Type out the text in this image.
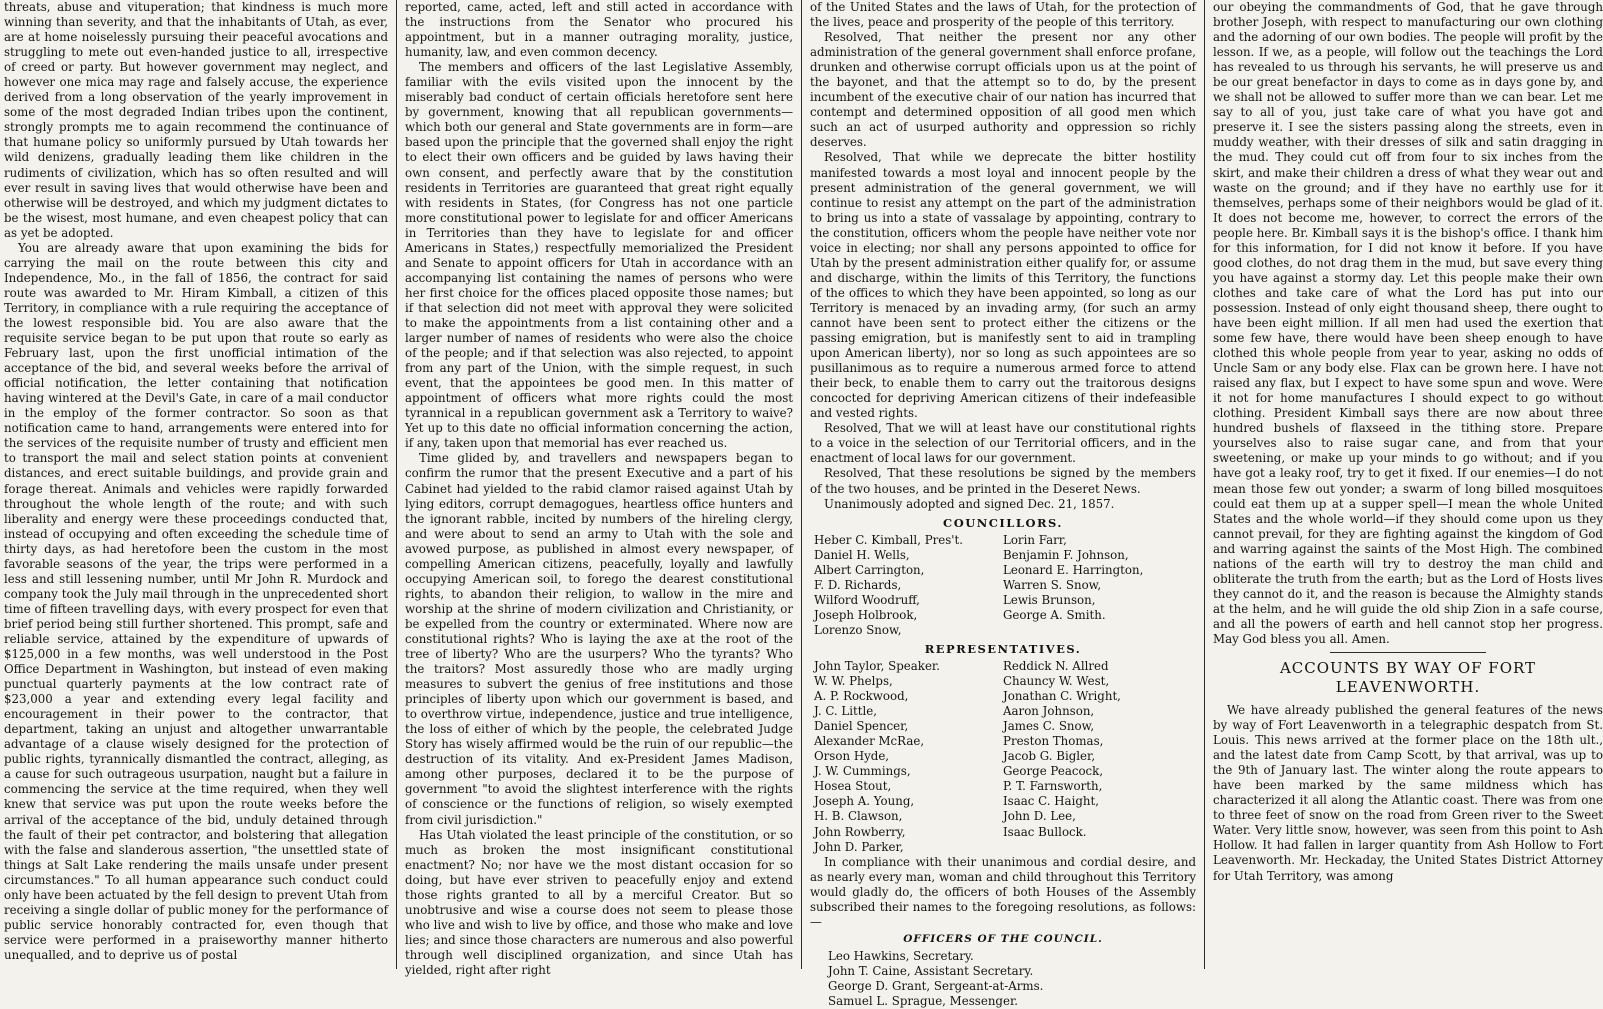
threats, abuse and vituperation; that kindness is much more winning than severity, and that the inhabitants of Utah, as ever, are at home noiselessly pursuing their peaceful avocations and struggling to mete out even-handed justice to all, irrespective of creed or party. But however government may neglect, and however one mica may rage and falsely accuse, the experience derived from a long observation of the yearly improvement in some of the most degraded Indian tribes upon the continent, strongly prompts me to again recommend the continuance of that humane policy so uniformly pursued by Utah towards her wild denizens, gradually leading them like children in the rudiments of civilization, which has so often resulted and will ever result in saving lives that would otherwise have been and otherwise will be destroyed, and which my judgment dictates to be the wisest, most humane, and even cheapest policy that can as yet be adopted.

You are already aware that upon examining the bids for carrying the mail on the route between this city and Independence, Mo., in the fall of 1856, the contract for said route was awarded to Mr. Hiram Kimball, a citizen of this Territory, in compliance with a rule requiring the acceptance of the lowest responsible bid. You are also aware that the requisite service began to be put upon that route so early as February last, upon the first unofficial intimation of the acceptance of the bid, and several weeks before the arrival of official notification, the letter containing that notification having wintered at the Devil's Gate, in care of a mail conductor in the employ of the former contractor. So soon as that notification came to hand, arrangements were entered into for the services of the requisite number of trusty and efficient men to transport the mail and select station points at convenient distances, and erect suitable buildings, and provide grain and forage thereat. Animals and vehicles were rapidly forwarded throughout the whole length of the route; and with such liberality and energy were these proceedings conducted that, instead of occupying and often exceeding the schedule time of thirty days, as had heretofore been the custom in the most favorable seasons of the year, the trips were performed in a less and still lessening number, until Mr John R. Murdock and company took the July mail through in the unprecedented short time of fifteen travelling days, with every prospect for even that brief period being still further shortened. This prompt, safe and reliable service, attained by the expenditure of upwards of $125,000 in a few months, was well understood in the Post Office Department in Washington, but instead of even making punctual quarterly payments at the low contract rate of $23,000 a year and extending every legal facility and encouragement in their power to the contractor, that department, taking an unjust and altogether unwarrantable advantage of a clause wisely designed for the protection of public rights, tyrannically dismantled the contract, alleging, as a cause for such outrageous usurpation, naught but a failure in commencing the service at the time required, when they well knew that service was put upon the route weeks before the arrival of the acceptance of the bid, unduly detained through the fault of their pet contractor, and bolstering that allegation with the false and slanderous assertion, "the unsettled state of things at Salt Lake rendering the mails unsafe under present circumstances." To all human appearance such conduct could only have been actuated by the fell design to prevent Utah from receiving a single dollar of public money for the performance of public service honorably contracted for, even though that service were performed in a praiseworthy manner hitherto unequalled, and to deprive us of postal

reported, came, acted, left and still acted in accordance with the instructions from the Senator who procured his appointment, but in a manner outraging morality, justice, humanity, law, and even common decency.

The members and officers of the last Legislative Assembly, familiar with the evils visited upon the innocent by the miserably bad conduct of certain officials heretofore sent here by government, knowing that all republican governments—which both our general and State governments are in form—are based upon the principle that the governed shall enjoy the right to elect their own officers and be guided by laws having their own consent, and perfectly aware that by the constitution residents in Territories are guaranteed that great right equally with residents in States, (for Congress has not one particle more constitutional power to legislate for and officer Americans in Territories than they have to legislate for and officer Americans in States,) respectfully memorialized the President and Senate to appoint officers for Utah in accordance with an accompanying list containing the names of persons who were her first choice for the offices placed opposite those names; but if that selection did not meet with approval they were solicited to make the appointments from a list containing other and a larger number of names of residents who were also the choice of the people; and if that selection was also rejected, to appoint from any part of the Union, with the simple request, in such event, that the appointees be good men. In this matter of appointment of officers what more rights could the most tyrannical in a republican government ask a Territory to waive? Yet up to this date no official information concerning the action, if any, taken upon that memorial has ever reached us.

Time glided by, and travellers and newspapers began to confirm the rumor that the present Executive and a part of his Cabinet had yielded to the rabid clamor raised against Utah by lying editors, corrupt demagogues, heartless office hunters and the ignorant rabble, incited by numbers of the hireling clergy, and were about to send an army to Utah with the sole and avowed purpose, as published in almost every newspaper, of compelling American citizens, peacefully, loyally and lawfully occupying American soil, to forego the dearest constitutional rights, to abandon their religion, to wallow in the mire and worship at the shrine of modern civilization and Christianity, or be expelled from the country or exterminated. Where now are constitutional rights? Who is laying the axe at the root of the tree of liberty? Who are the usurpers? Who the tyrants? Who the traitors? Most assuredly those who are madly urging measures to subvert the genius of free institutions and those principles of liberty upon which our government is based, and to overthrow virtue, independence, justice and true intelligence, the loss of either of which by the people, the celebrated Judge Story has wisely affirmed would be the ruin of our republic—the destruction of its vitality. And ex-President James Madison, among other purposes, declared it to be the purpose of government "to avoid the slightest interference with the rights of conscience or the functions of religion, so wisely exempted from civil jurisdiction."

Has Utah violated the least principle of the constitution, or so much as broken the most insignificant constitutional enactment? No; nor have we the most distant occasion for so doing, but have ever striven to peacefully enjoy and extend those rights granted to all by a merciful Creator. But so unobtrusive and wise a course does not seem to please those who live and wish to live by office, and those who make and love lies; and since those characters are numerous and also powerful through well disciplined organization, and since Utah has yielded, right after right

of the United States and the laws of Utah, for the protection of the lives, peace and prosperity of the people of this territory.

Resolved, That neither the present nor any other administration of the general government shall enforce profane, drunken and otherwise corrupt officials upon us at the point of the bayonet, and that the attempt so to do, by the present incumbent of the executive chair of our nation has incurred that contempt and determined opposition of all good men which such an act of usurped authority and oppression so richly deserves.

Resolved, That while we deprecate the bitter hostility manifested towards a most loyal and innocent people by the present administration of the general government, we will continue to resist any attempt on the part of the administration to bring us into a state of vassalage by appointing, contrary to the constitution, officers whom the people have neither vote nor voice in electing; nor shall any persons appointed to office for Utah by the present administration either qualify for, or assume and discharge, within the limits of this Territory, the functions of the offices to which they have been appointed, so long as our Territory is menaced by an invading army, (for such an army cannot have been sent to protect either the citizens or the passing emigration, but is manifestly sent to aid in trampling upon American liberty), nor so long as such appointees are so pusillanimous as to require a numerous armed force to attend their beck, to enable them to carry out the traitorous designs concocted for depriving American citizens of their indefeasible and vested rights.

Resolved, That we will at least have our constitutional rights to a voice in the selection of our Territorial officers, and in the enactment of local laws for our government.

Resolved, That these resolutions be signed by the members of the two houses, and be printed in the Deseret News.

Unanimously adopted and signed Dec. 21, 1857.

COUNCILLORS.
Heber C. Kimball, Pres't.	Lorin Farr,
Daniel H. Wells,	Benjamin F. Johnson,
Albert Carrington,	Leonard E. Harrington,
F. D. Richards,	Warren S. Snow,
Wilford Woodruff,	Lewis Brunson,
Joseph Holbrook,	George A. Smith.
Lorenzo Snow,
REPRESENTATIVES.
John Taylor, Speaker.	Reddick N. Allred
W. W. Phelps,	Chauncy W. West,
A. P. Rockwood,	Jonathan C. Wright,
J. C. Little,	Aaron Johnson,
Daniel Spencer,	James C. Snow,
Alexander McRae,	Preston Thomas,
Orson Hyde,	Jacob G. Bigler,
J. W. Cummings,	George Peacock,
Hosea Stout,	P. T. Farnsworth,
Joseph A. Young,	Isaac C. Haight,
H. B. Clawson,	John D. Lee,
John Rowberry,	Isaac Bullock.
John D. Parker,

In compliance with their unanimous and cordial desire, and as nearly every man, woman and child throughout this Territory would gladly do, the officers of both Houses of the Assembly subscribed their names to the foregoing resolutions, as follows:—

OFFICERS OF THE COUNCIL.
Leo Hawkins, Secretary.
John T. Caine, Assistant Secretary.
George D. Grant, Sergeant-at-Arms.
Samuel L. Sprague, Messenger.

our obeying the commandments of God, that he gave through brother Joseph, with respect to manufacturing our own clothing and the adorning of our own bodies. The people will profit by the lesson. If we, as a people, will follow out the teachings the Lord has revealed to us through his servants, he will preserve us and be our great benefactor in days to come as in days gone by, and we shall not be allowed to suffer more than we can bear. Let me say to all of you, just take care of what you have got and preserve it. I see the sisters passing along the streets, even in muddy weather, with their dresses of silk and satin dragging in the mud. They could cut off from four to six inches from the skirt, and make their children a dress of what they wear out and waste on the ground; and if they have no earthly use for it themselves, perhaps some of their neighbors would be glad of it. It does not become me, however, to correct the errors of the people here. Br. Kimball says it is the bishop's office. I thank him for this information, for I did not know it before. If you have good clothes, do not drag them in the mud, but save every thing you have against a stormy day. Let this people make their own clothes and take care of what the Lord has put into our possession. Instead of only eight thousand sheep, there ought to have been eight million. If all men had used the exertion that some few have, there would have been sheep enough to have clothed this whole people from year to year, asking no odds of Uncle Sam or any body else. Flax can be grown here. I have not raised any flax, but I expect to have some spun and wove. Were it not for home manufactures I should expect to go without clothing. President Kimball says there are now about three hundred bushels of flaxseed in the tithing store. Prepare yourselves also to raise sugar cane, and from that your sweetening, or make up your minds to go without; and if you have got a leaky roof, try to get it fixed. If our enemies—I do not mean those few out yonder; a swarm of long billed mosquitoes could eat them up at a supper spell—I mean the whole United States and the whole world—if they should come upon us they cannot prevail, for they are fighting against the kingdom of God and warring against the saints of the Most High. The combined nations of the earth will try to destroy the man child and obliterate the truth from the earth; but as the Lord of Hosts lives they cannot do it, and the reason is because the Almighty stands at the helm, and he will guide the old ship Zion in a safe course, and all the powers of earth and hell cannot stop her progress. May God bless you all. Amen.

ACCOUNTS BY WAY OF FORT LEAVENWORTH.

We have already published the general features of the news by way of Fort Leavenworth in a telegraphic despatch from St. Louis. This news arrived at the former place on the 18th ult., and the latest date from Camp Scott, by that arrival, was up to the 9th of January last. The winter along the route appears to have been marked by the same mildness which has characterized it all along the Atlantic coast. There was from one to three feet of snow on the road from Green river to the Sweet Water. Very little snow, however, was seen from this point to Ash Hollow. It had fallen in larger quantity from Ash Hollow to Fort Leavenworth. Mr. Heckaday, the United States District Attorney for Utah Territory, was among
